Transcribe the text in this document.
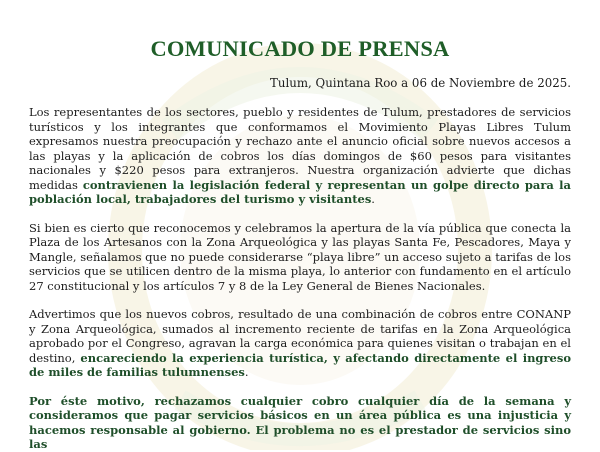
COMUNICADO DE PRENSA
Tulum, Quintana Roo a 06 de Noviembre de 2025.

Los representantes de los sectores, pueblo y residentes de Tulum, prestadores de servicios turísticos y los integrantes que conformamos el Movimiento Playas Libres Tulum expresamos nuestra preocupación y rechazo ante el anuncio oficial sobre nuevos accesos a las playas y la aplicación de cobros los días domingos de $60 pesos para visitantes nacionales y $220 pesos para extranjeros. Nuestra organización advierte que dichas medidas contravienen la legislación federal y representan un golpe directo para la población local, trabajadores del turismo y visitantes.

Si bien es cierto que reconocemos y celebramos la apertura de la vía pública que conecta la Plaza de los Artesanos con la Zona Arqueológica y las playas Santa Fe, Pescadores, Maya y Mangle, señalamos que no puede considerarse “playa libre” un acceso sujeto a tarifas de los servicios que se utilicen dentro de la misma playa, lo anterior con fundamento en el artículo 27 constitucional y los artículos 7 y 8 de la Ley General de Bienes Nacionales.

Advertimos que los nuevos cobros, resultado de una combinación de cobros entre CONANP y Zona Arqueológica, sumados al incremento reciente de tarifas en la Zona Arqueológica aprobado por el Congreso, agravan la carga económica para quienes visitan o trabajan en el destino, encareciendo la experiencia turística, y afectando directamente el ingreso de miles de familias tulumnenses.

Por éste motivo, rechazamos cualquier cobro cualquier día de la semana y consideramos que pagar servicios básicos en un área pública es una injusticia y hacemos responsable al gobierno. El problema no es el prestador de servicios sino las
